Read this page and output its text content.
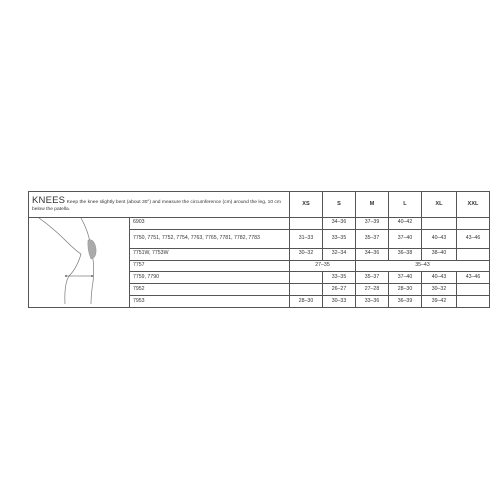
KNEES Keep the knee slightly bent (about 30°) and measure the circumference (cm) around the leg, 10 cm below the patella.		XS	S	M	L	XL	XXL
	6903		34–36	37–39	40–42		
	7750, 7751, 7752, 7754, 7763, 7765, 7781, 7782, 7783	31–33	33–35	35–37	37–40	40–43	43–46
	7751W, 7753W	30–32	32–34	34–36	36–38	38–40	
	7757	27–35		35–43			
	7759, 7790		33–35	35–37	37–40	40–43	43–46
	7952		26–27	27–28	28–30	30–32	
	7953	28–30	30–33	33–36	36–39	39–42	
